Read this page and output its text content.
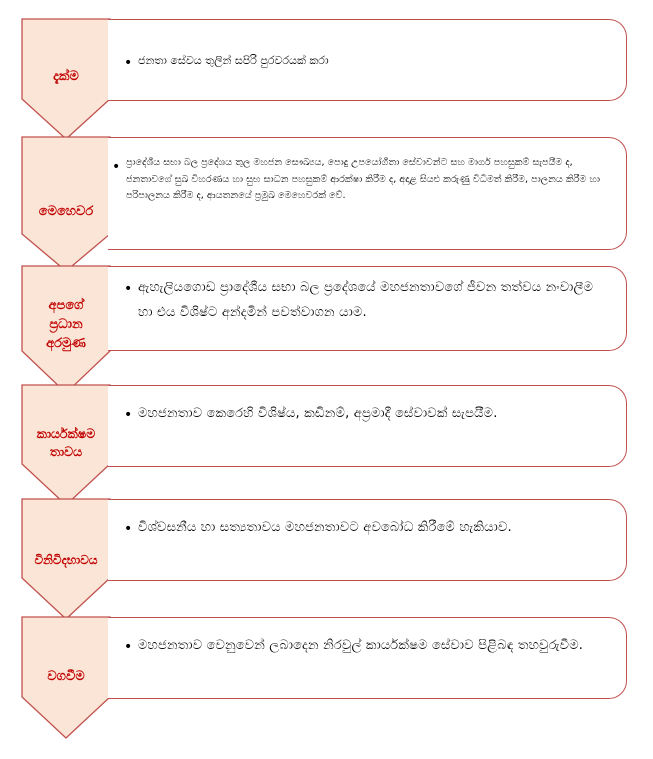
දැක්ම
• ජනතා සේවය තුලින් සපිරි පුරවරයක් කරා
මෙහෙවර
• ප්‍රාදේශීය සභා බල ප්‍රදේශය තුල මහජන සෞඛ්‍යය, පොදු උපයෝගීතා සේවාවන්ට සහ මාර්ග පහසුකම් සැපයීම ද, ජනතාවගේ සුඛ විහරණය හා සුභ සාධන පහසුකම් ආරක්ෂා කිරීම ද, අදාළ සියළු කරුණු විධිමත් කිරීම, පාලනය කිරීම හා පරිපාලනය කිරීම ද, ආයතනයේ ප්‍රමුඛ මෙහෙවරක් වේ.
අපගේ
ප්‍රධාන
අරමුණ
• ඇහැලියගොඩ ප්‍රාදේශීය සභා බල ප්‍රදේශයේ මහජනතාවගේ ජීවන තත්වය නංවාලීම හා එය විශිෂ්ට අන්දමින් පවත්වාගන යාම.
කාර්යක්ෂම
තාවය
• මහජනතාව කෙරෙහි විශිෂ්ය, කඩිනම්, අප්‍රමාදී සේවාවක් සැපයීම.
විනිවිදභාවය
• විශ්වසනීය හා සත්‍යතාවය මහජනතාවට අවබෝධ කිරීමේ හැකියාව.
වගවීම
• මහජනතාව වෙනුවෙන් ලබාදෙන නිරවුල් කාර්යක්ෂම සේවාව පිළිබඳ තහවුරුවීම.
